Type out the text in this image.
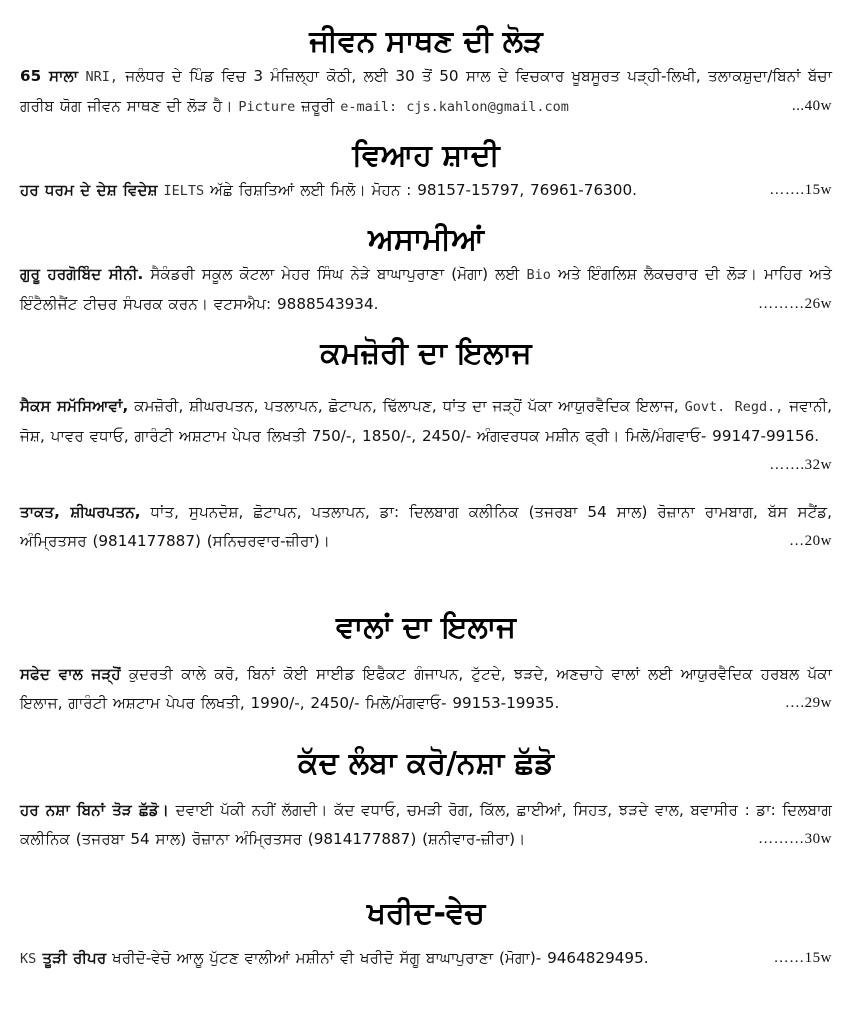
ਜੀਵਨ ਸਾਥਣ ਦੀ ਲੋੜ

65 ਸਾਲਾ NRI, ਜਲੰਧਰ ਦੇ ਪਿੰਡ ਵਿਚ 3 ਮੰਜ਼ਿਲ੍ਹਾ ਕੋਠੀ, ਲਈ 30 ਤੋਂ 50 ਸਾਲ ਦੇ ਵਿਚਕਾਰ ਖੂਬਸੂਰਤ ਪੜ੍ਹੀ-ਲਿਖੀ, ਤਲਾਕਸ਼ੁਦਾ/ਬਿਨਾਂ ਬੱਚਾ ਗਰੀਬ ਯੋਗ ਜੀਵਨ ਸਾਥਣ ਦੀ ਲੋੜ ਹੈ। Picture ਜ਼ਰੂਰੀ e-mail: cjs.kahlon@gmail.com	...40w

ਵਿਆਹ ਸ਼ਾਦੀ

ਹਰ ਧਰਮ ਦੇ ਦੇਸ਼ ਵਿਦੇਸ਼ IELTS ਅੱਛੇ ਰਿਸ਼ਤਿਆਂ ਲਈ ਮਿਲੋ। ਮੋਹਨ : 98157-15797, 76961-76300.	…….15w

ਅਸਾਮੀਆਂ

ਗੁਰੂ ਹਰਗੋਬਿੰਦ ਸੀਨੀ. ਸੈਕੰਡਰੀ ਸਕੂਲ ਕੋਟਲਾ ਮੇਹਰ ਸਿੰਘ ਨੇੜੇ ਬਾਘਾਪੁਰਾਣਾ (ਮੋਗਾ) ਲਈ Bio ਅਤੇ ਇੰਗਲਿਸ਼ ਲੈਕਚਰਾਰ ਦੀ ਲੋੜ। ਮਾਹਿਰ ਅਤੇ ਇੰਟੈਲੀਜੈਂਟ ਟੀਚਰ ਸੰਪਰਕ ਕਰਨ। ਵਟਸਐਪ: 9888543934.	………26w

ਕਮਜ਼ੋਰੀ ਦਾ ਇਲਾਜ

ਸੈਕਸ ਸਮੱਸਿਆਵਾਂ, ਕਮਜ਼ੋਰੀ, ਸ਼ੀਘਰਪਤਨ, ਪਤਲਾਪਨ, ਛੋਟਾਪਨ, ਢਿੱਲਾਪਣ, ਧਾਂਤ ਦਾ ਜੜ੍ਹੋਂ ਪੱਕਾ ਆਯੁਰਵੈਦਿਕ ਇਲਾਜ, Govt. Regd., ਜਵਾਨੀ, ਜੋਸ਼, ਪਾਵਰ ਵਧਾਓ, ਗਾਰੰਟੀ ਅਸ਼ਟਾਮ ਪੇਪਰ ਲਿਖਤੀ 750/-, 1850/-, 2450/- ਅੰਗਵਰਧਕ ਮਸ਼ੀਨ ਫ੍ਰੀ। ਮਿਲੋ/ਮੰਗਵਾਓ- 99147-99156.
…….32w

ਤਾਕਤ, ਸ਼ੀਘਰਪਤਨ, ਧਾਂਤ, ਸੁਪਨਦੋਸ਼, ਛੋਟਾਪਨ, ਪਤਲਾਪਨ, ਡਾ: ਦਿਲਬਾਗ ਕਲੀਨਿਕ (ਤਜਰਬਾ 54 ਸਾਲ) ਰੋਜ਼ਾਨਾ ਰਾਮਬਾਗ, ਬੱਸ ਸਟੈਂਡ, ਅੰਮ੍ਰਿਤਸਰ (9814177887) (ਸਨਿਚਰਵਾਰ-ਜ਼ੀਰਾ)।	…20w

ਵਾਲਾਂ ਦਾ ਇਲਾਜ

ਸਫੇਦ ਵਾਲ ਜੜ੍ਹੋਂ ਕੁਦਰਤੀ ਕਾਲੇ ਕਰੋ, ਬਿਨਾਂ ਕੋਈ ਸਾਈਡ ਇਫੈਕਟ ਗੰਜਾਪਨ, ਟੁੱਟਦੇ, ਝੜਦੇ, ਅਣਚਾਹੇ ਵਾਲਾਂ ਲਈ ਆਯੁਰਵੈਦਿਕ ਹਰਬਲ ਪੱਕਾ ਇਲਾਜ, ਗਾਰੰਟੀ ਅਸ਼ਟਾਮ ਪੇਪਰ ਲਿਖਤੀ, 1990/-, 2450/- ਮਿਲੋ/ਮੰਗਵਾਓ- 99153-19935.	….29w

ਕੱਦ ਲੰਬਾ ਕਰੋ/ਨਸ਼ਾ ਛੱਡੋ

ਹਰ ਨਸ਼ਾ ਬਿਨਾਂ ਤੋੜ ਛੱਡੋ। ਦਵਾਈ ਪੱਕੀ ਨਹੀਂ ਲੱਗਦੀ। ਕੱਦ ਵਧਾਓ, ਚਮੜੀ ਰੋਗ, ਕਿੱਲ, ਛਾਈਆਂ, ਸਿਹਤ, ਝੜਦੇ ਵਾਲ, ਬਵਾਸੀਰ : ਡਾ: ਦਿਲਬਾਗ ਕਲੀਨਿਕ (ਤਜਰਬਾ 54 ਸਾਲ) ਰੋਜ਼ਾਨਾ ਅੰਮ੍ਰਿਤਸਰ (9814177887) (ਸ਼ਨੀਵਾਰ-ਜ਼ੀਰਾ)।	………30w

ਖਰੀਦ-ਵੇਚ

KS ਤੂੜੀ ਰੀਪਰ ਖਰੀਦੋ-ਵੇਚੋ ਆਲੂ ਪੁੱਟਣ ਵਾਲੀਆਂ ਮਸ਼ੀਨਾਂ ਵੀ ਖਰੀਦੋ ਸੱਗੂ ਬਾਘਾਪੁਰਾਣਾ (ਮੋਗਾ)- 9464829495.	……15w
